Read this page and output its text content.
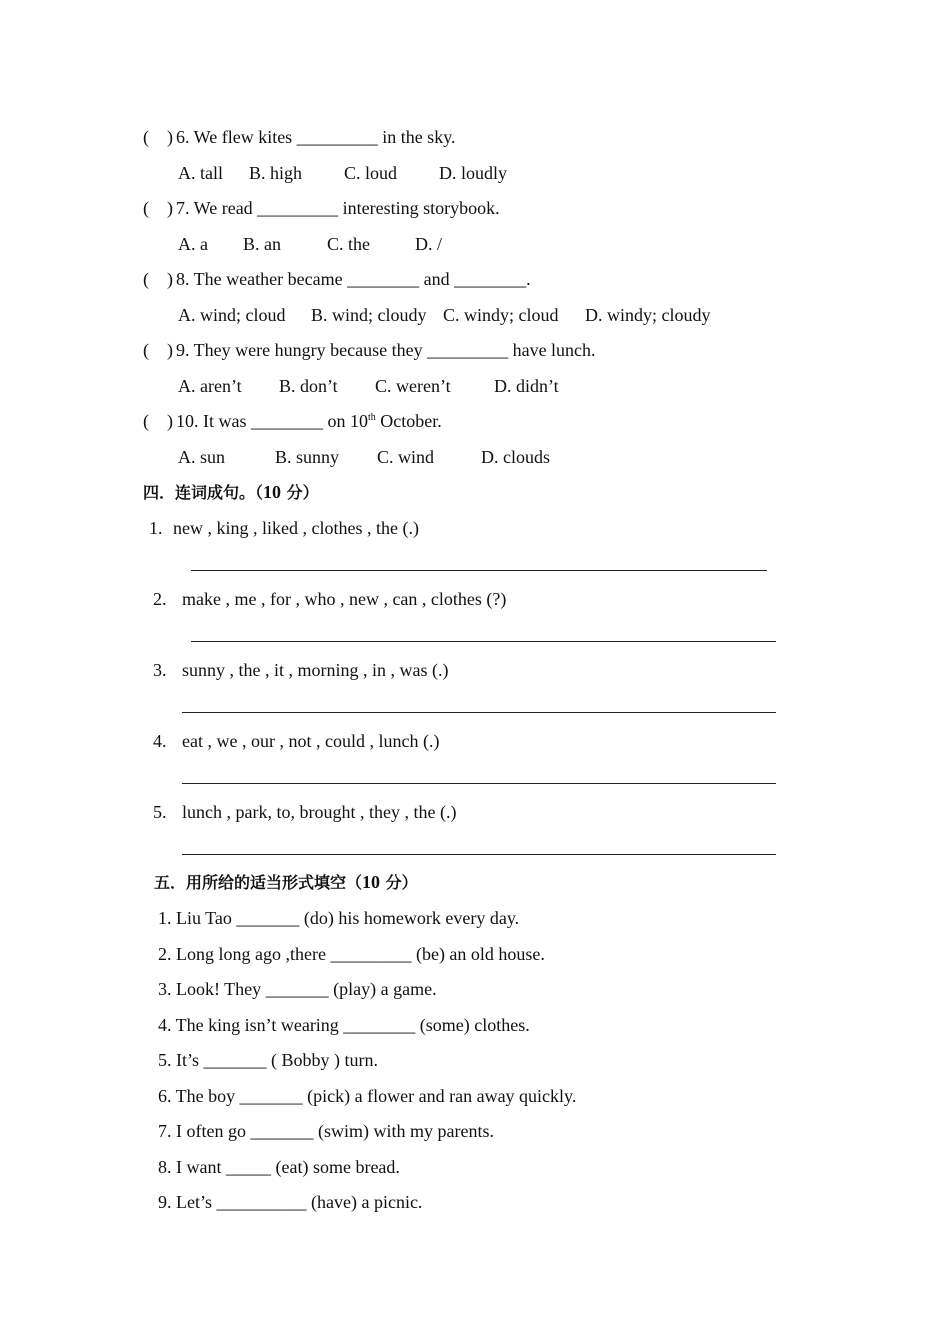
(    ) 6. We flew kites _________ in the sky.
A. tall B. high C. loud D. loudly
(    ) 7. We read _________ interesting storybook.
A. a B. an	C. the	D. /
(    ) 8. The weather became ________ and ________.
A. wind; cloud B. wind; cloudy C. windy; cloud D. windy; cloudy
(    ) 9. They were hungry because they _________ have lunch.
A. aren’t B. don’t C. weren’t D. didn’t
(    ) 10. It was ________ on 10th October.
A. sun	B. sunny C. wind	D. clouds
四．连词成句。（10 分）
1. new , king , liked , clothes , the (.)
2. make , me , for , who , new , can , clothes (?)
3. sunny , the , it , morning , in , was (.)
4. eat , we , our , not , could , lunch (.)
5. lunch , park, to, brought , they , the (.)
五．用所给的适当形式填空（10 分）
1. Liu Tao _______ (do) his homework every day.
2. Long long ago ,there _________ (be) an old house.
3. Look! They _______ (play) a game.
4. The king isn’t wearing ________ (some) clothes.
5. It’s _______ ( Bobby ) turn.
6. The boy _______ (pick) a flower and ran away quickly.
7. I often go _______ (swim) with my parents.
8. I want _____ (eat) some bread.
9. Let’s __________ (have) a picnic.
